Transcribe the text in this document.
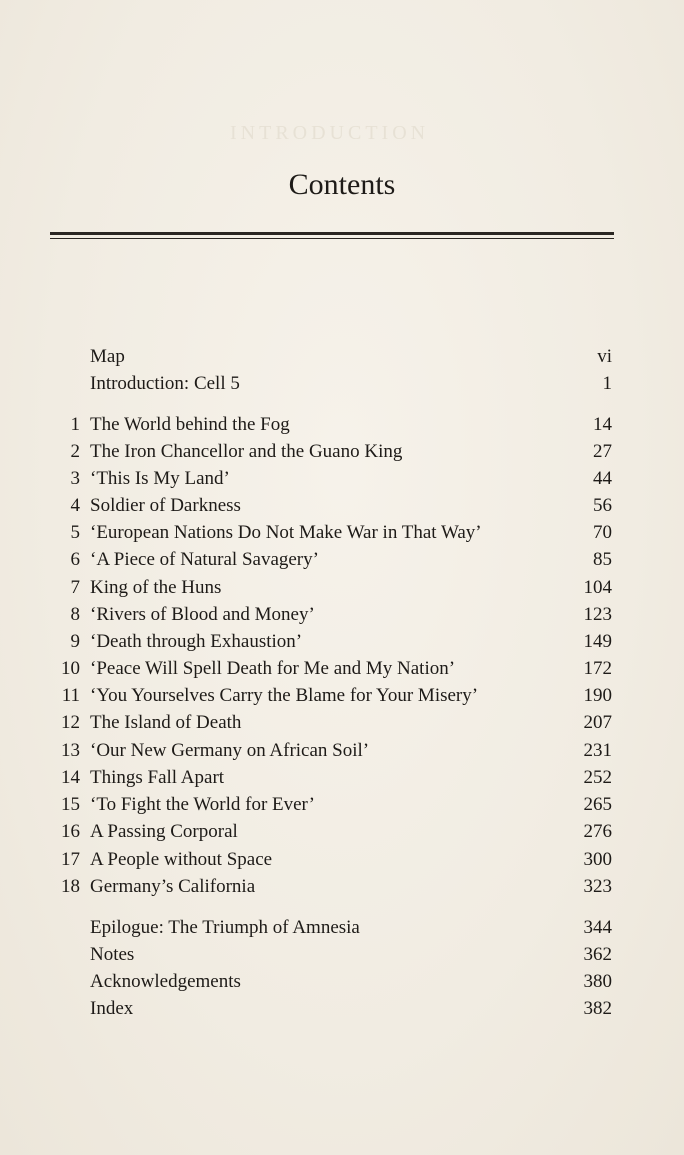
INTRODUCTION
Contents
Map	vi
Introduction: Cell 5	1
1 The World behind the Fog	14
2 The Iron Chancellor and the Guano King	27
3 ‘This Is My Land’	44
4 Soldier of Darkness	56
5 ‘European Nations Do Not Make War in That Way’	70
6 ‘A Piece of Natural Savagery’	85
7 King of the Huns	104
8 ‘Rivers of Blood and Money’	123
9 ‘Death through Exhaustion’	149
10 ‘Peace Will Spell Death for Me and My Nation’	172
11 ‘You Yourselves Carry the Blame for Your Misery’	190
12 The Island of Death	207
13 ‘Our New Germany on African Soil’	231
14 Things Fall Apart	252
15 ‘To Fight the World for Ever’	265
16 A Passing Corporal	276
17 A People without Space	300
18 Germany’s California	323
Epilogue: The Triumph of Amnesia	344
Notes	362
Acknowledgements	380
Index	382
